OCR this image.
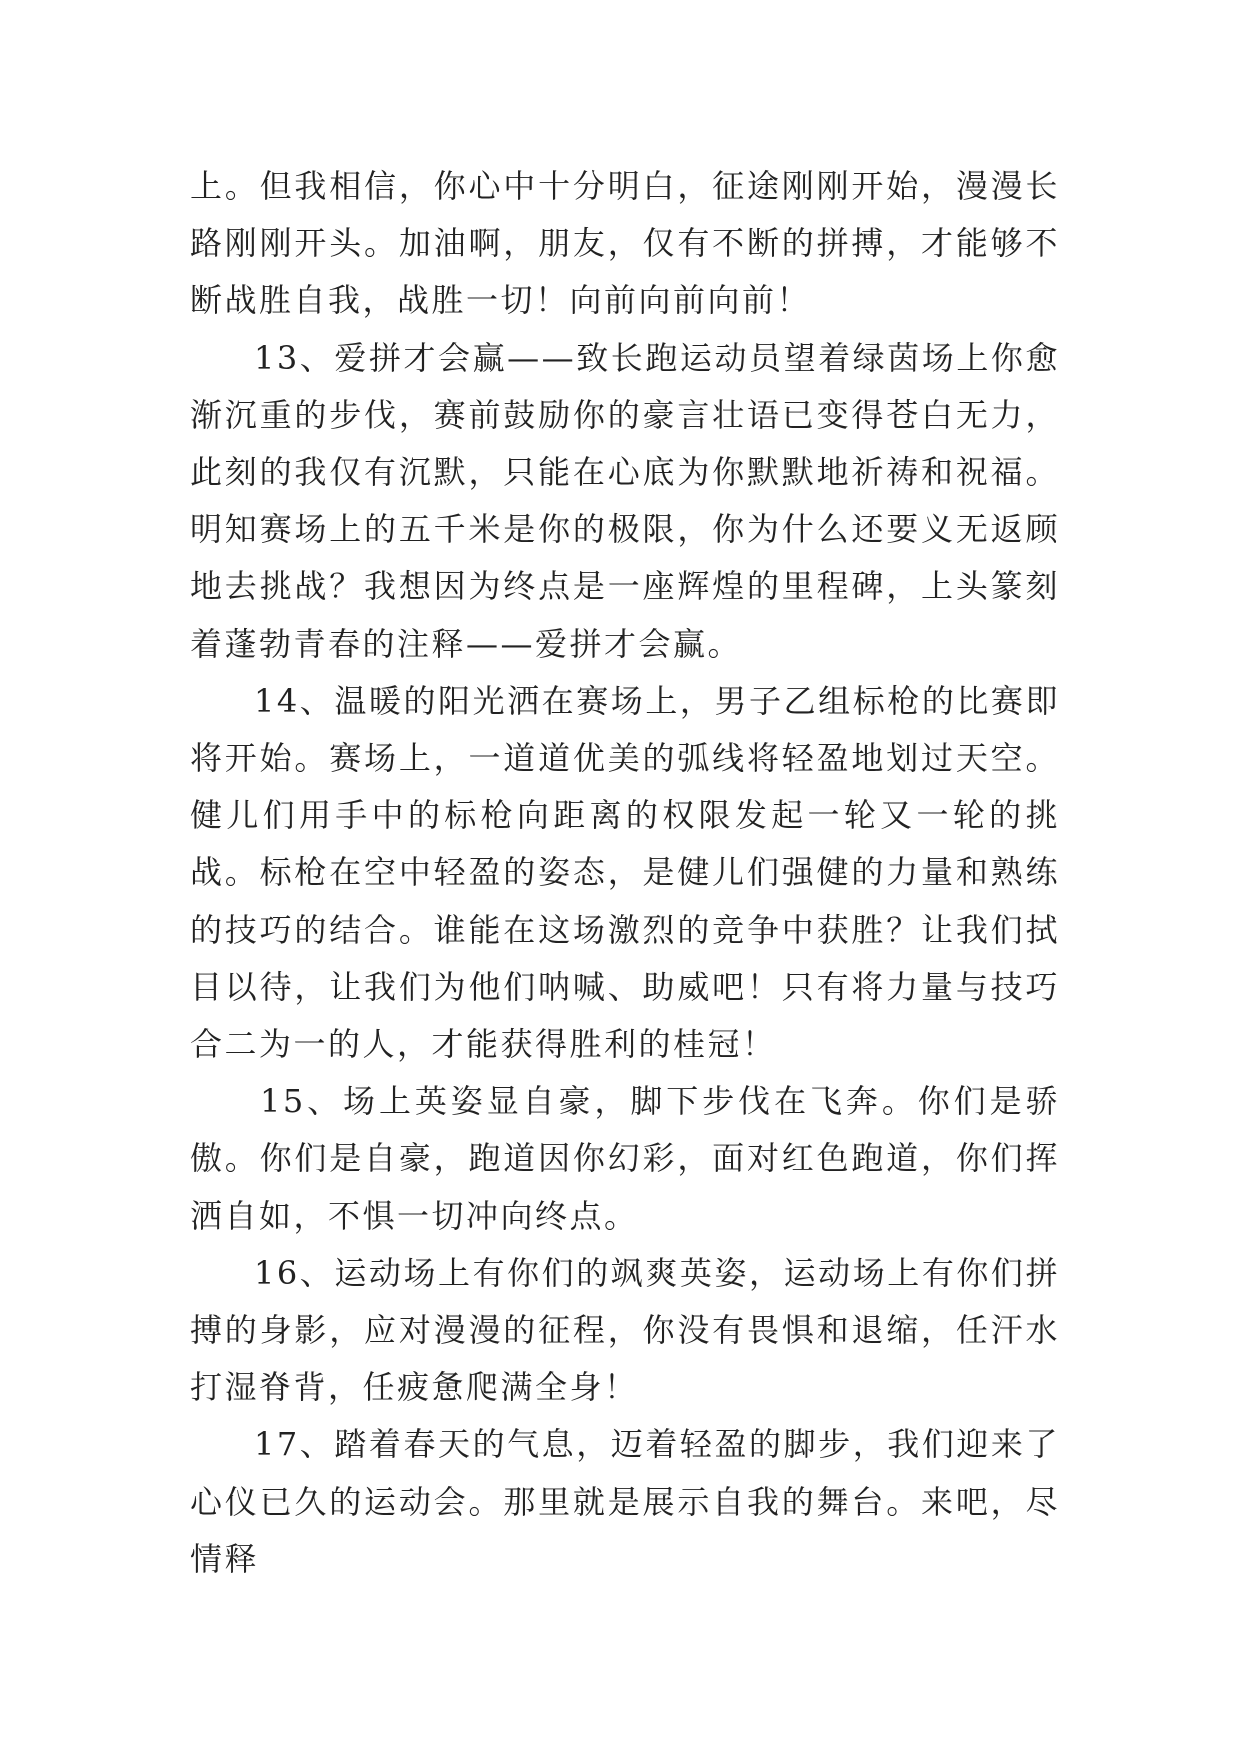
上。但我相信，你心中十分明白，征途刚刚开始，漫漫长路刚刚开头。加油啊，朋友，仅有不断的拼搏，才能够不断战胜自我，战胜一切！向前向前向前！

13、爱拼才会赢——致长跑运动员望着绿茵场上你愈渐沉重的步伐，赛前鼓励你的豪言壮语已变得苍白无力，此刻的我仅有沉默，只能在心底为你默默地祈祷和祝福。明知赛场上的五千米是你的极限，你为什么还要义无返顾地去挑战？我想因为终点是一座辉煌的里程碑，上头篆刻着蓬勃青春的注释——爱拼才会赢。

14、温暖的阳光洒在赛场上，男子乙组标枪的比赛即将开始。赛场上，一道道优美的弧线将轻盈地划过天空。健儿们用手中的标枪向距离的权限发起一轮又一轮的挑战。标枪在空中轻盈的姿态，是健儿们强健的力量和熟练的技巧的结合。谁能在这场激烈的竞争中获胜？让我们拭目以待，让我们为他们呐喊、助威吧！只有将力量与技巧合二为一的人，才能获得胜利的桂冠！

15、场上英姿显自豪，脚下步伐在飞奔。你们是骄傲。你们是自豪，跑道因你幻彩，面对红色跑道，你们挥洒自如，不惧一切冲向终点。

16、运动场上有你们的飒爽英姿，运动场上有你们拼搏的身影，应对漫漫的征程，你没有畏惧和退缩，任汗水打湿脊背，任疲惫爬满全身！

17、踏着春天的气息，迈着轻盈的脚步，我们迎来了心仪已久的运动会。那里就是展示自我的舞台。来吧，尽情释
